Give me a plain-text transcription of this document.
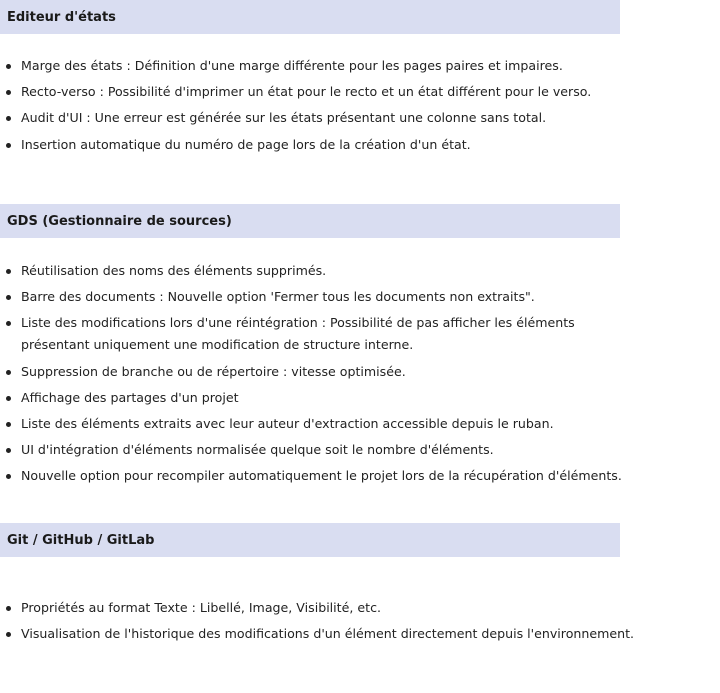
Editeur d'états
Marge des états : Définition d'une marge différente pour les pages paires et impaires.
Recto-verso : Possibilité d'imprimer un état pour le recto et un état différent pour le verso.
Audit d'UI : Une erreur est générée sur les états présentant une colonne sans total.
Insertion automatique du numéro de page lors de la création d'un état.
GDS (Gestionnaire de sources)
Réutilisation des noms des éléments supprimés.
Barre des documents : Nouvelle option 'Fermer tous les documents non extraits".
Liste des modifications lors d'une réintégration : Possibilité de pas afficher les éléments présentant uniquement une modification de structure interne.
Suppression de branche ou de répertoire : vitesse optimisée.
Affichage des partages d'un projet
Liste des éléments extraits avec leur auteur d'extraction accessible depuis le ruban.
UI d'intégration d'éléments normalisée quelque soit le nombre d'éléments.
Nouvelle option pour recompiler automatiquement le projet lors de la récupération d'éléments.
Git / GitHub / GitLab
Propriétés au format Texte : Libellé, Image, Visibilité, etc.
Visualisation de l'historique des modifications d'un élément directement depuis l'environnement.
